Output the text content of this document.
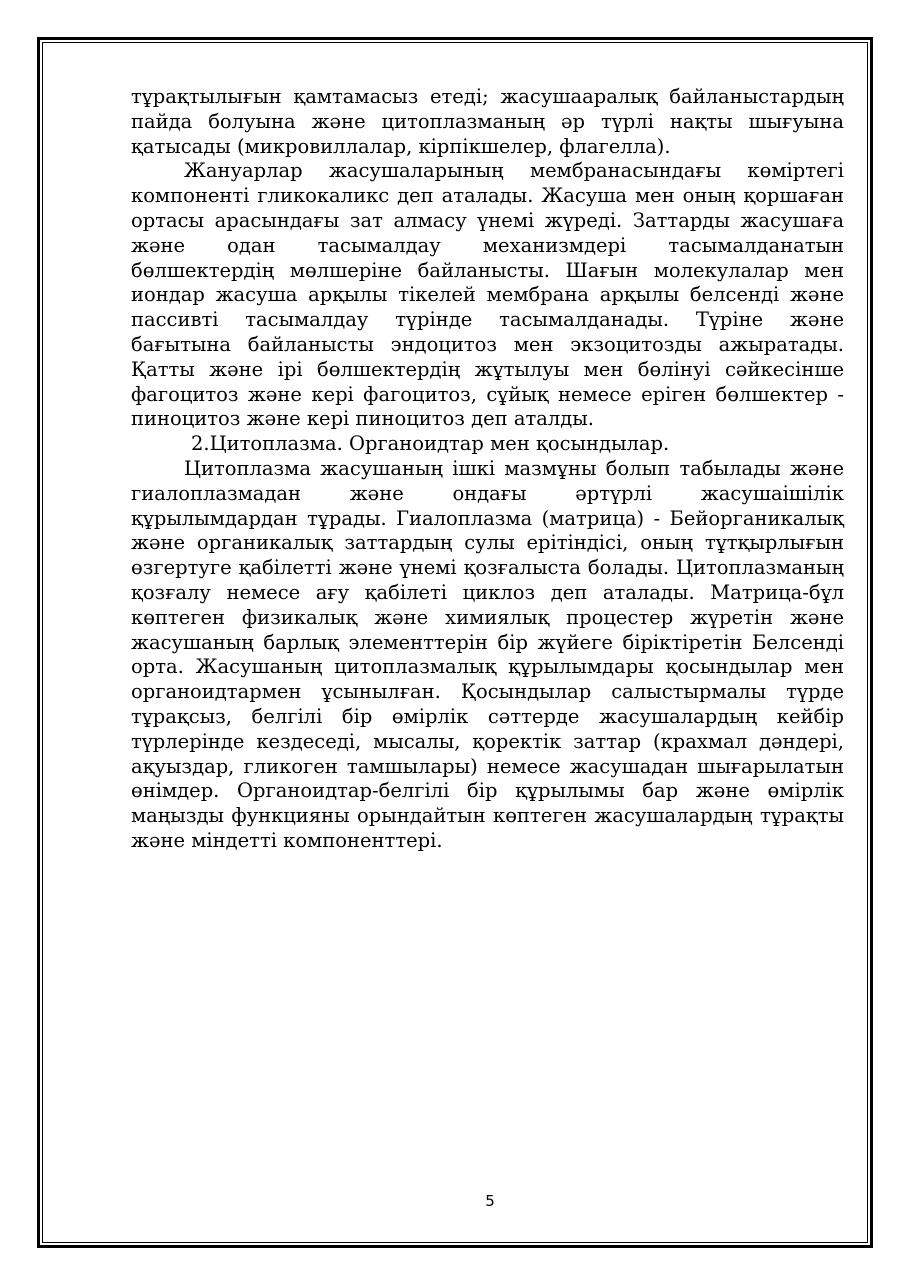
тұрақтылығын қамтамасыз етеді; жасушааралық байланыстардың пайда болуына және цитоплазманың әр түрлі нақты шығуына қатысады (микровиллалар, кірпікшелер, флагелла).

Жануарлар жасушаларының мембранасындағы көміртегі компоненті гликокаликс деп аталады. Жасуша мен оның қоршаған ортасы арасындағы зат алмасу үнемі жүреді. Заттарды жасушаға және одан тасымалдау механизмдері тасымалданатын бөлшектердің мөлшеріне байланысты. Шағын молекулалар мен иондар жасуша арқылы тікелей мембрана арқылы белсенді және пассивті тасымалдау түрінде тасымалданады. Түріне және бағытына байланысты эндоцитоз мен экзоцитозды ажыратады. Қатты және ірі бөлшектердің жұтылуы мен бөлінуі сәйкесінше фагоцитоз және кері фагоцитоз, сұйық немесе еріген бөлшектер - пиноцитоз және кері пиноцитоз деп аталды.

2.Цитоплазма. Органоидтар мен қосындылар.

Цитоплазма жасушаның ішкі мазмұны болып табылады және гиалоплазмадан және ондағы әртүрлі жасушаішілік құрылымдардан тұрады. Гиалоплазма (матрица) - Бейорганикалық және органикалық заттардың сулы ерітіндісі, оның тұтқырлығын өзгертуге қабілетті және үнемі қозғалыста болады. Цитоплазманың қозғалу немесе ағу қабілеті циклоз деп аталады. Матрица-бұл көптеген физикалық және химиялық процестер жүретін және жасушаның барлық элементтерін бір жүйеге біріктіретін Белсенді орта. Жасушаның цитоплазмалық құрылымдары қосындылар мен органоидтармен ұсынылған. Қосындылар салыстырмалы түрде тұрақсыз, белгілі бір өмірлік сәттерде жасушалардың кейбір түрлерінде кездеседі, мысалы, қоректік заттар (крахмал дәндері, ақуыздар, гликоген тамшылары) немесе жасушадан шығарылатын өнімдер. Органоидтар-белгілі бір құрылымы бар және өмірлік маңызды функцияны орындайтын көптеген жасушалардың тұрақты және міндетті компоненттері.

5
